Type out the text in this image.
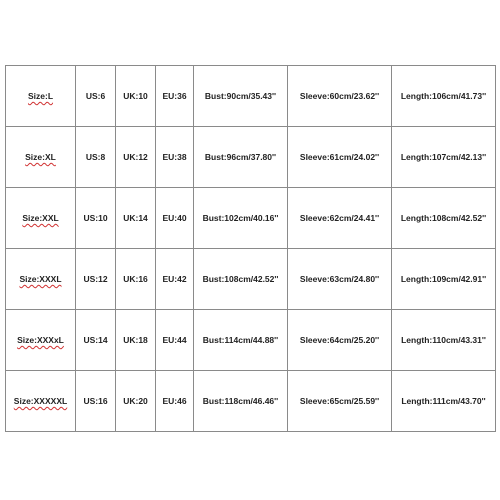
Size:L	US:6	UK:10	EU:36	Bust:90cm/35.43''	Sleeve:60cm/23.62''	Length:106cm/41.73''
Size:XL	US:8	UK:12	EU:38	Bust:96cm/37.80''	Sleeve:61cm/24.02''	Length:107cm/42.13''
Size:XXL	US:10	UK:14	EU:40	Bust:102cm/40.16''	Sleeve:62cm/24.41''	Length:108cm/42.52''
Size:XXXL	US:12	UK:16	EU:42	Bust:108cm/42.52''	Sleeve:63cm/24.80''	Length:109cm/42.91''
Size:XXXxL	US:14	UK:18	EU:44	Bust:114cm/44.88''	Sleeve:64cm/25.20''	Length:110cm/43.31''
Size:XXXXXL	US:16	UK:20	EU:46	Bust:118cm/46.46''	Sleeve:65cm/25.59''	Length:111cm/43.70''
